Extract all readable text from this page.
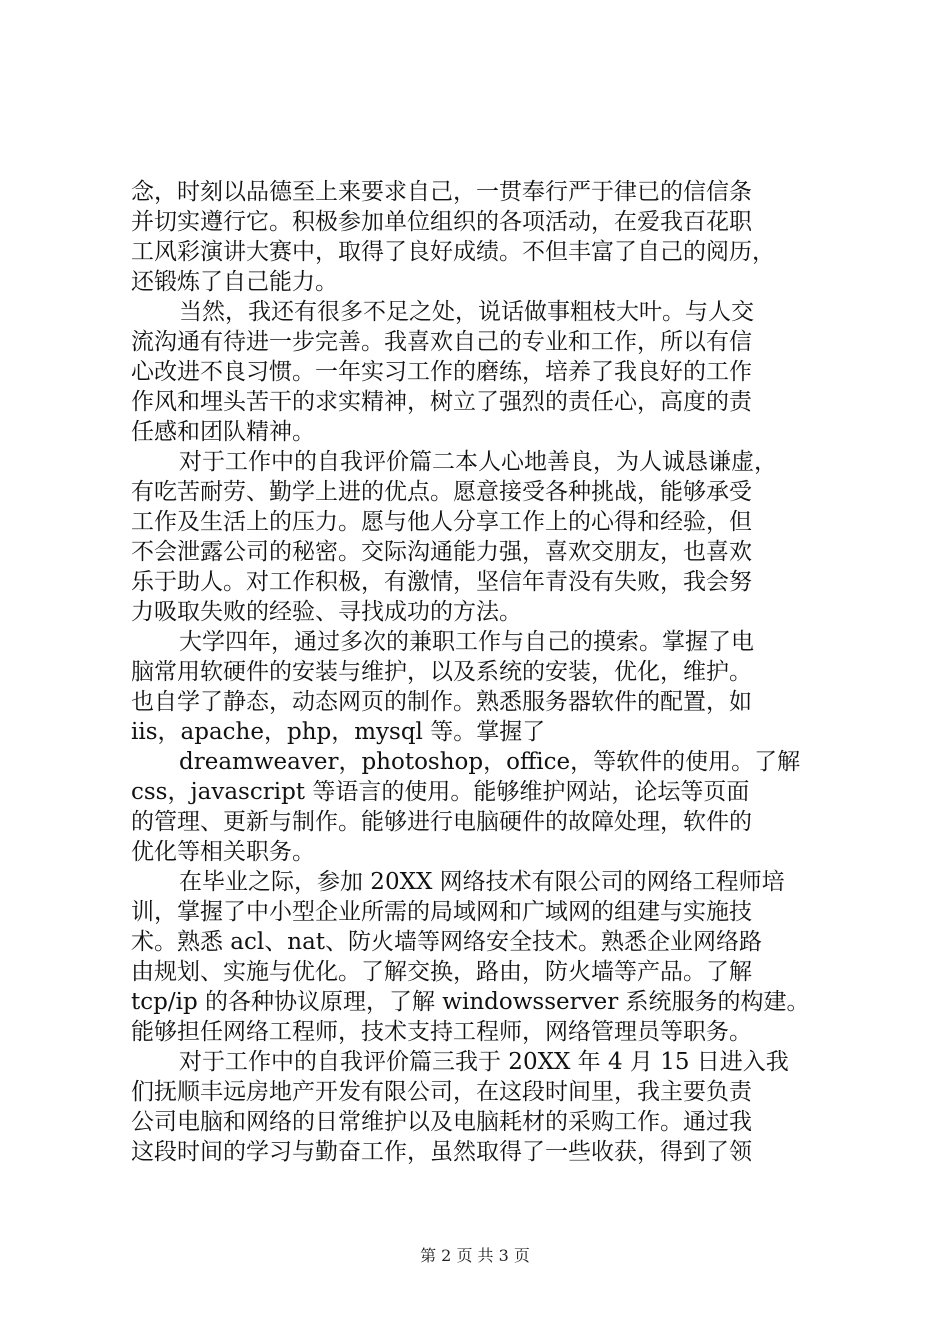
念，时刻以品德至上来要求自己，一贯奉行严于律已的信信条
并切实遵行它。积极参加单位组织的各项活动，在爱我百花职
工风彩演讲大赛中，取得了良好成绩。不但丰富了自己的阅历，
还锻炼了自己能力。
当然，我还有很多不足之处，说话做事粗枝大叶。与人交
流沟通有待进一步完善。我喜欢自己的专业和工作，所以有信
心改进不良习惯。一年实习工作的磨练，培养了我良好的工作
作风和埋头苦干的求实精神，树立了强烈的责任心，高度的责
任感和团队精神。
对于工作中的自我评价篇二本人心地善良，为人诚恳谦虚，
有吃苦耐劳、勤学上进的优点。愿意接受各种挑战，能够承受
工作及生活上的压力。愿与他人分享工作上的心得和经验，但
不会泄露公司的秘密。交际沟通能力强，喜欢交朋友，也喜欢
乐于助人。对工作积极，有激情，坚信年青没有失败，我会努
力吸取失败的经验、寻找成功的方法。
大学四年，通过多次的兼职工作与自己的摸索。掌握了电
脑常用软硬件的安装与维护，以及系统的安装，优化，维护。
也自学了静态，动态网页的制作。熟悉服务器软件的配置，如
iis，apache，php，mysql 等。掌握了
dreamweaver，photoshop，office，等软件的使用。了解
css，javascript 等语言的使用。能够维护网站，论坛等页面
的管理、更新与制作。能够进行电脑硬件的故障处理，软件的
优化等相关职务。
在毕业之际，参加 20XX 网络技术有限公司的网络工程师培
训，掌握了中小型企业所需的局域网和广域网的组建与实施技
术。熟悉 acl、nat、防火墙等网络安全技术。熟悉企业网络路
由规划、实施与优化。了解交换，路由，防火墙等产品。了解
tcp/ip 的各种协议原理，了解 windowsserver 系统服务的构建。
能够担任网络工程师，技术支持工程师，网络管理员等职务。
对于工作中的自我评价篇三我于 20XX 年 4 月 15 日进入我
们抚顺丰远房地产开发有限公司，在这段时间里，我主要负责
公司电脑和网络的日常维护以及电脑耗材的采购工作。通过我
这段时间的学习与勤奋工作，虽然取得了一些收获，得到了领
第 2 页 共 3 页
